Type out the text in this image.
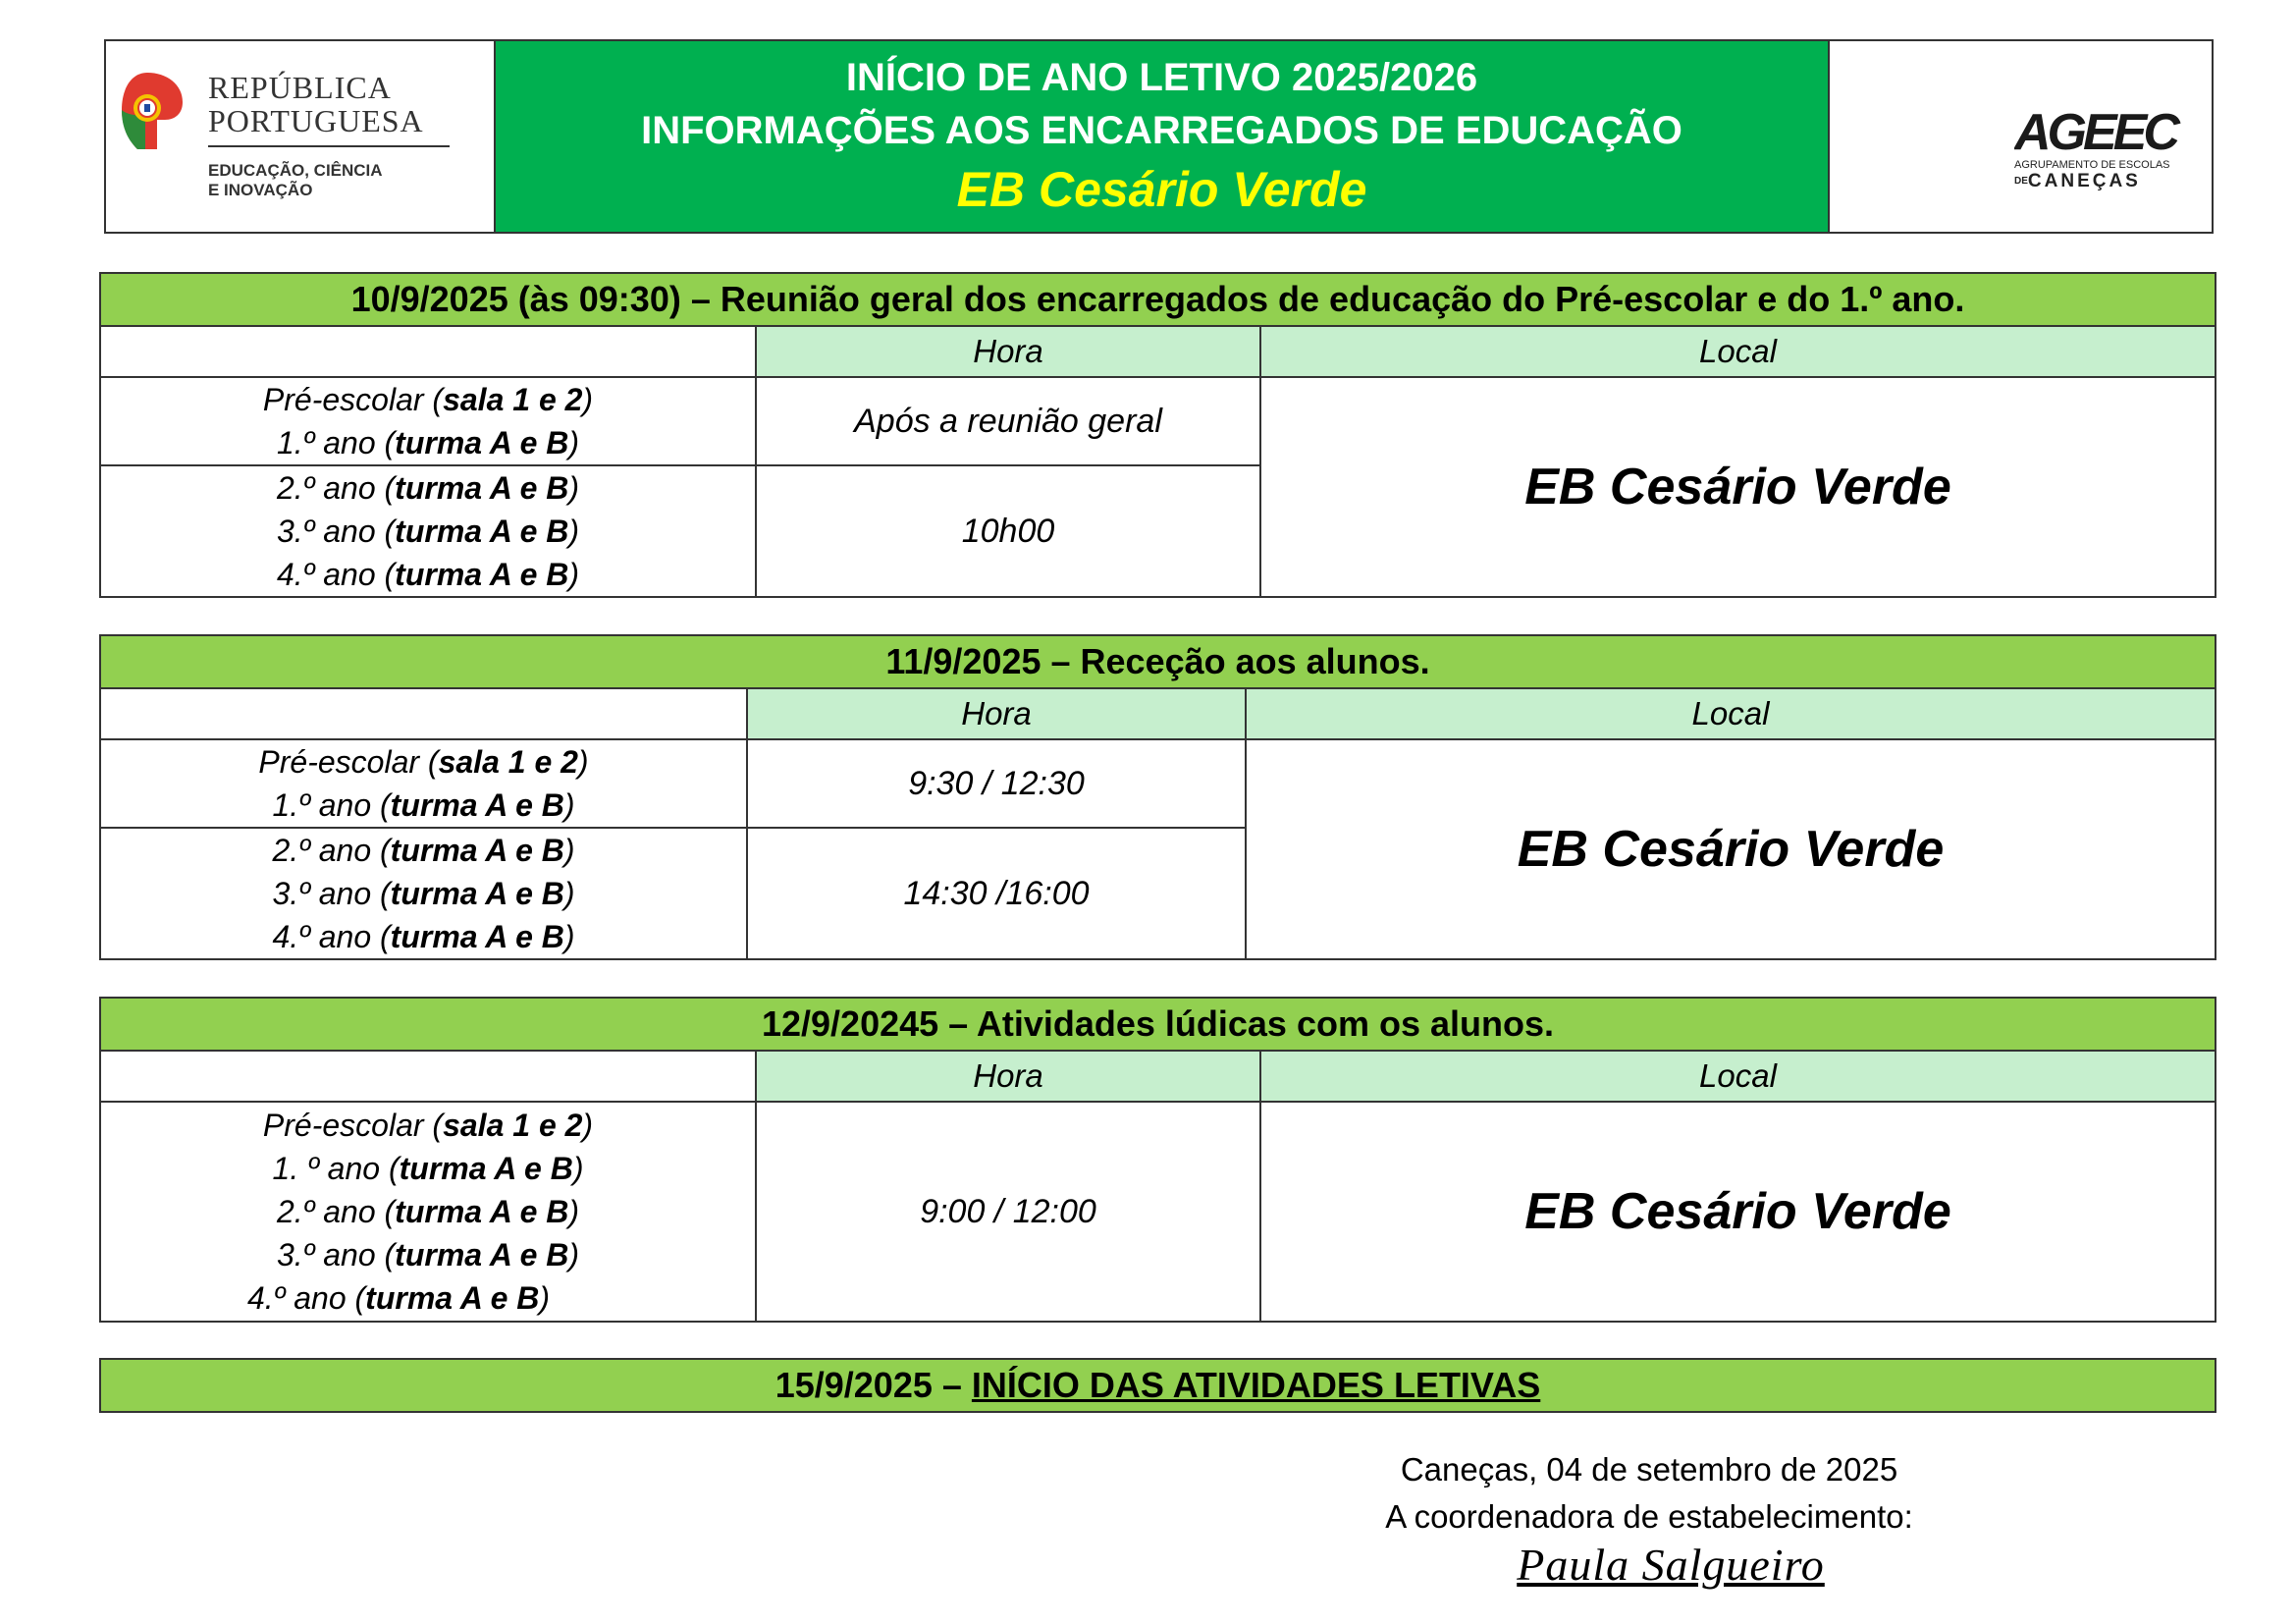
REPÚBLICA
PORTUGUESA
EDUCAÇÃO, CIÊNCIA
E INOVAÇÃO
INÍCIO DE ANO LETIVO 2025/2026
INFORMAÇÕES AOS ENCARREGADOS DE EDUCAÇÃO
EB Cesário Verde
AGEEC
AGRUPAMENTO DE ESCOLAS
$^{DE}$CANEÇAS
10/9/2025 (às 09:30) – Reunião geral dos encarregados de educação do Pré-escolar e do 1.º ano.		
	Hora	Local

Pré-escolar (sala 1 e 2)
1.º ano (turma A e B)	Após a reunião geral	EB Cesário Verde

2.º ano (turma A e B)
3.º ano (turma A e B)
4.º ano (turma A e B)	10h00	
11/9/2025 – Receção aos alunos.		
	Hora	Local

Pré-escolar (sala 1 e 2)
1.º ano (turma A e B)	9:30 / 12:30	EB Cesário Verde

2.º ano (turma A e B)
3.º ano (turma A e B)
4.º ano (turma A e B)	14:30 /16:00	
12/9/20245 – Atividades lúdicas com os alunos.		
	Hora	Local

Pré-escolar (sala 1 e 2)
1. º ano (turma A e B)
2.º ano (turma A e B)
3.º ano (turma A e B)
4.º ano (turma A e B)	9:00 / 12:00	EB Cesário Verde
15/9/2025 – INÍCIO DAS ATIVIDADES LETIVAS
Caneças, 04 de setembro de 2025
A coordenadora de estabelecimento:
Paula Salgueiro
